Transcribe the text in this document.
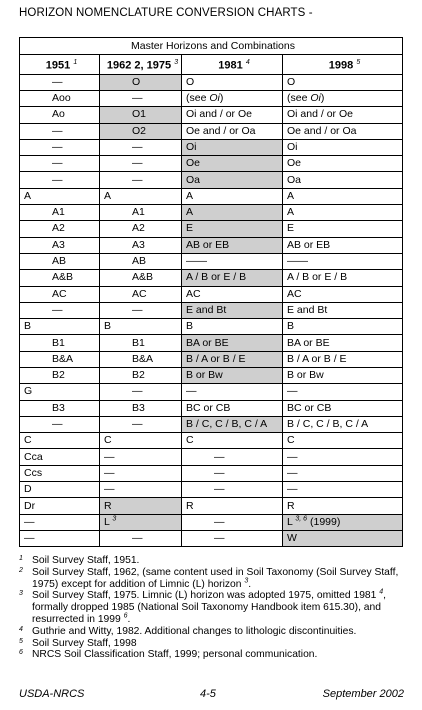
HORIZON NOMENCLATURE CONVERSION CHARTS -
Master Horizons and Combinations			
1951 $^1$	1962 2, 1975 $^3$	1981 $^4$	1998 $^5$
—	O	O	O
Aoo	—	(see Oi)	(see Oi)
Ao	O1	Oi and / or Oe	Oi and / or Oe
—	O2	Oe and / or Oa	Oe and / or Oa
—	—	Oi	Oi
—	—	Oe	Oe
—	—	Oa	Oa
A	A	A	A
A1	A1	A	A
A2	A2	E	E
A3	A3	AB or EB	AB or EB
AB	AB	——	——
A&B	A&B	A / B or E / B	A / B or E / B
AC	AC	AC	AC
—	—	E and Bt	E and Bt
B	B	B	B
B1	B1	BA or BE	BA or BE
B&A	B&A	B / A or B / E	B / A or B / E
B2	B2	B or Bw	B or Bw
G	—	—	—
B3	B3	BC or CB	BC or CB
—	—	B / C, C / B, C / A	B / C, C / B, C / A
C	C	C	C
Cca	—	—	—
Ccs	—	—	—
D	—	—	—
Dr	R	R	R
—	L $^3$	—	L $^{3, 6}$ (1999)
—	—	—	W
1 Soil Survey Staff, 1951.
2 Soil Survey Staff, 1962, (same content used in Soil Taxonomy (Soil Survey Staff, 1975) except for addition of Limnic (L) horizon $^3$.
3 Soil Survey Staff, 1975. Limnic (L) horizon was adopted 1975, omitted 1981 $^4$, formally dropped 1985 (National Soil Taxonomy Handbook item 615.30), and resurrected in 1999 $^6$.
4 Guthrie and Witty, 1982. Additional changes to lithologic discontinuities.
5 Soil Survey Staff, 1998
6 NRCS Soil Classification Staff, 1999; personal communication.
USDA-NRCS	4-5	September 2002
